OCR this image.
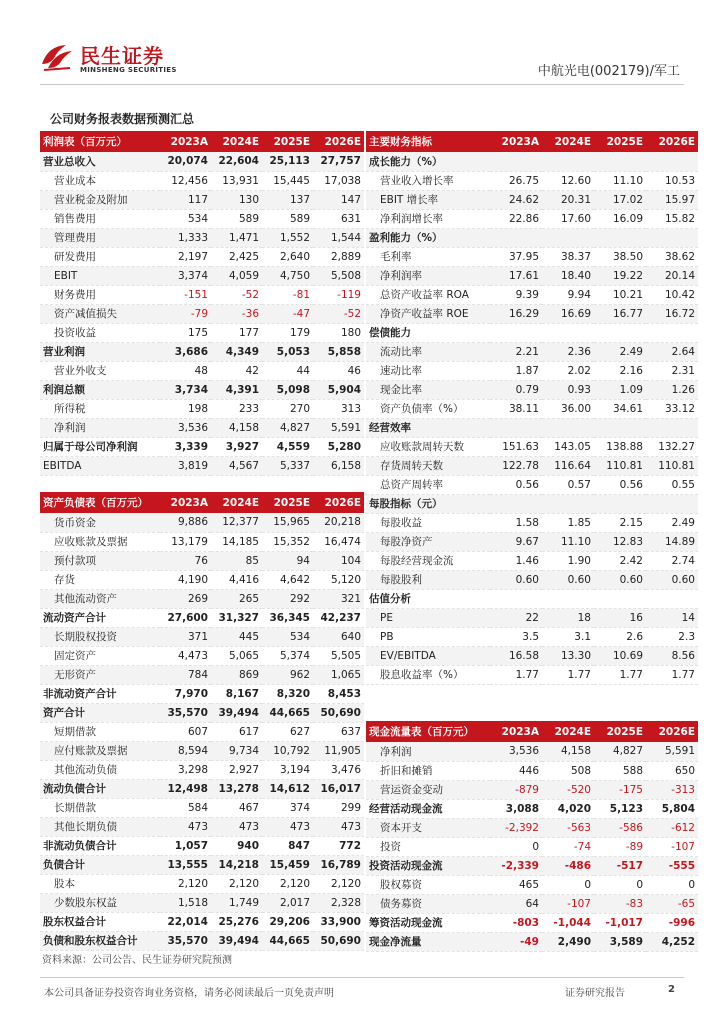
民生证券
MINSHENG SECURITIES	中航光电(002179)/军工
公司财务报表数据预测汇总
利润表（百万元）	2023A	2024E	2025E	2026E
营业总收入	20,074	22,604	25,113	27,757
营业成本	12,456	13,931	15,445	17,038
营业税金及附加	117	130	137	147
销售费用	534	589	589	631
管理费用	1,333	1,471	1,552	1,544
研发费用	2,197	2,425	2,640	2,889
EBIT	3,374	4,059	4,750	5,508
财务费用	-151	-52	-81	-119
资产减值损失	-79	-36	-47	-52
投资收益	175	177	179	180
营业利润	3,686	4,349	5,053	5,858
营业外收支	48	42	44	46
利润总额	3,734	4,391	5,098	5,904
所得税	198	233	270	313
净利润	3,536	4,158	4,827	5,591
归属于母公司净利润	3,339	3,927	4,559	5,280
EBITDA	3,819	4,567	5,337	6,158
主要财务指标	2023A	2024E	2025E	2026E
成长能力（%）				
营业收入增长率	26.75	12.60	11.10	10.53
EBIT 增长率	24.62	20.31	17.02	15.97
净利润增长率	22.86	17.60	16.09	15.82
盈利能力（%）				
毛利率	37.95	38.37	38.50	38.62
净利润率	17.61	18.40	19.22	20.14
总资产收益率 ROA	9.39	9.94	10.21	10.42
净资产收益率 ROE	16.29	16.69	16.77	16.72
偿债能力				
流动比率	2.21	2.36	2.49	2.64
速动比率	1.87	2.02	2.16	2.31
现金比率	0.79	0.93	1.09	1.26
资产负债率（%）	38.11	36.00	34.61	33.12
经营效率				
应收账款周转天数	151.63	143.05	138.88	132.27
存货周转天数	122.78	116.64	110.81	110.81
总资产周转率	0.56	0.57	0.56	0.55
每股指标（元）				
每股收益	1.58	1.85	2.15	2.49
每股净资产	9.67	11.10	12.83	14.89
每股经营现金流	1.46	1.90	2.42	2.74
每股股利	0.60	0.60	0.60	0.60
估值分析				
PE	22	18	16	14
PB	3.5	3.1	2.6	2.3
EV/EBITDA	16.58	13.30	10.69	8.56
股息收益率（%）	1.77	1.77	1.77	1.77
资产负债表（百万元）	2023A	2024E	2025E	2026E
货币资金	9,886	12,377	15,965	20,218
应收账款及票据	13,179	14,185	15,352	16,474
预付款项	76	85	94	104
存货	4,190	4,416	4,642	5,120
其他流动资产	269	265	292	321
流动资产合计	27,600	31,327	36,345	42,237
长期股权投资	371	445	534	640
固定资产	4,473	5,065	5,374	5,505
无形资产	784	869	962	1,065
非流动资产合计	7,970	8,167	8,320	8,453
资产合计	35,570	39,494	44,665	50,690
短期借款	607	617	627	637
应付账款及票据	8,594	9,734	10,792	11,905
其他流动负债	3,298	2,927	3,194	3,476
流动负债合计	12,498	13,278	14,612	16,017
长期借款	584	467	374	299
其他长期负债	473	473	473	473
非流动负债合计	1,057	940	847	772
负债合计	13,555	14,218	15,459	16,789
股本	2,120	2,120	2,120	2,120
少数股东权益	1,518	1,749	2,017	2,328
股东权益合计	22,014	25,276	29,206	33,900
负债和股东权益合计	35,570	39,494	44,665	50,690
现金流量表（百万元）	2023A	2024E	2025E	2026E
净利润	3,536	4,158	4,827	5,591
折旧和摊销	446	508	588	650
营运资金变动	-879	-520	-175	-313
经营活动现金流	3,088	4,020	5,123	5,804
资本开支	-2,392	-563	-586	-612
投资	0	-74	-89	-107
投资活动现金流	-2,339	-486	-517	-555
股权募资	465	0	0	0
债务募资	64	-107	-83	-65
筹资活动现金流	-803	-1,044	-1,017	-996
现金净流量	-49	2,490	3,589	4,252
资料来源：公司公告、民生证券研究院预测
本公司具备证券投资咨询业务资格，请务必阅读最后一页免责声明	证券研究报告	2
